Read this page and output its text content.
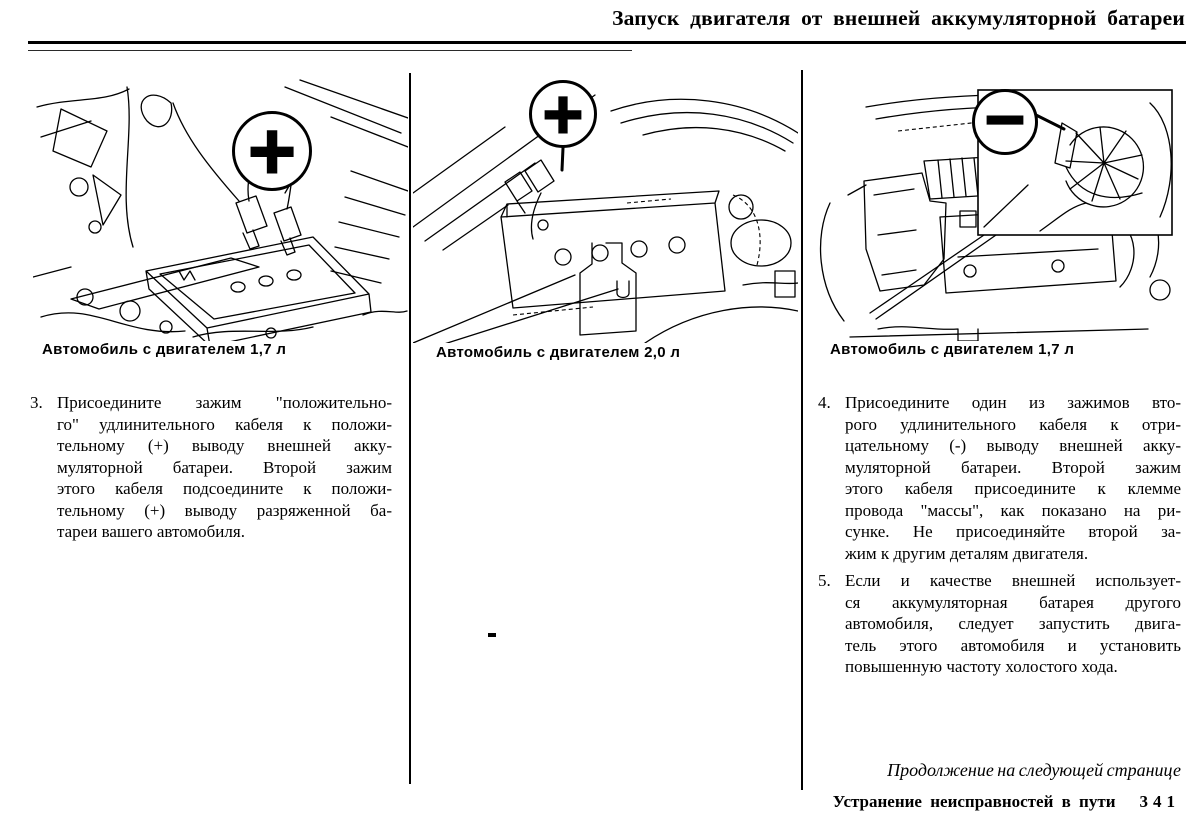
Запуск двигателя от внешней аккумуляторной батареи
+
Автомобиль с двигателем 1,7 л
+
Автомобиль с двигателем 2,0 л
−
Автомобиль с двигателем 1,7 л
3. Присоедините зажим "положительно-
го" удлинительного кабеля к положи-
тельному (+) выводу внешней акку-
муляторной батареи. Второй зажим
этого кабеля подсоедините к положи-
тельному (+) выводу разряженной ба-
тареи вашего автомобиля.
4. Присоедините один из зажимов вто-
рого удлинительного кабеля к отри-
цательному (-) выводу внешней акку-
муляторной батареи. Второй зажим
этого кабеля присоедините к клемме
провода "массы", как показано на ри-
сунке. Не присоединяйте второй за-
жим к другим деталям двигателя.
5. Если и качестве внешней использует-
ся аккумуляторная батарея другого
автомобиля, следует запустить двига-
тель этого автомобиля и установить
повышенную частоту холостого хода.
Продолжение на следующей странице
Устранение неисправностей в пути 341
